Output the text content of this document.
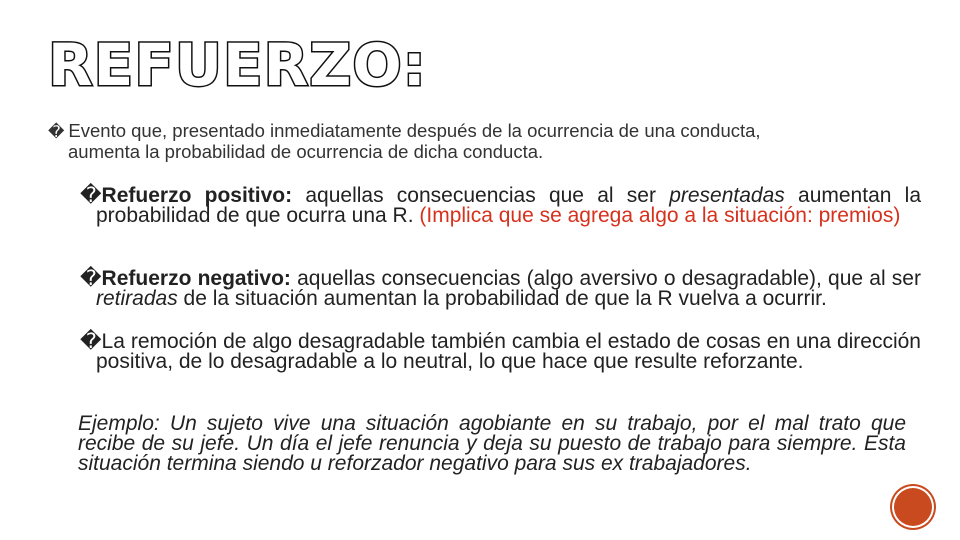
REFUERZO:
� Evento que, presentado inmediatamente después de la ocurrencia de una conducta,
aumenta la probabilidad de ocurrencia de dicha conducta.
�Refuerzo positivo: aquellas consecuencias que al ser presentadas aumentan la probabilidad de que ocurra una R. (Implica que se agrega algo a la situación: premios)
�Refuerzo negativo: aquellas consecuencias (algo aversivo o desagradable), que al ser retiradas de la situación aumentan la probabilidad de que la R vuelva a ocurrir.
�La remoción de algo desagradable también cambia el estado de cosas en una dirección positiva, de lo desagradable a lo neutral, lo que hace que resulte reforzante.
Ejemplo: Un sujeto vive una situación agobiante en su trabajo, por el mal trato que recibe de su jefe. Un día el jefe renuncia y deja su puesto de trabajo para siempre. Esta situación termina siendo u reforzador negativo para sus ex trabajadores.
